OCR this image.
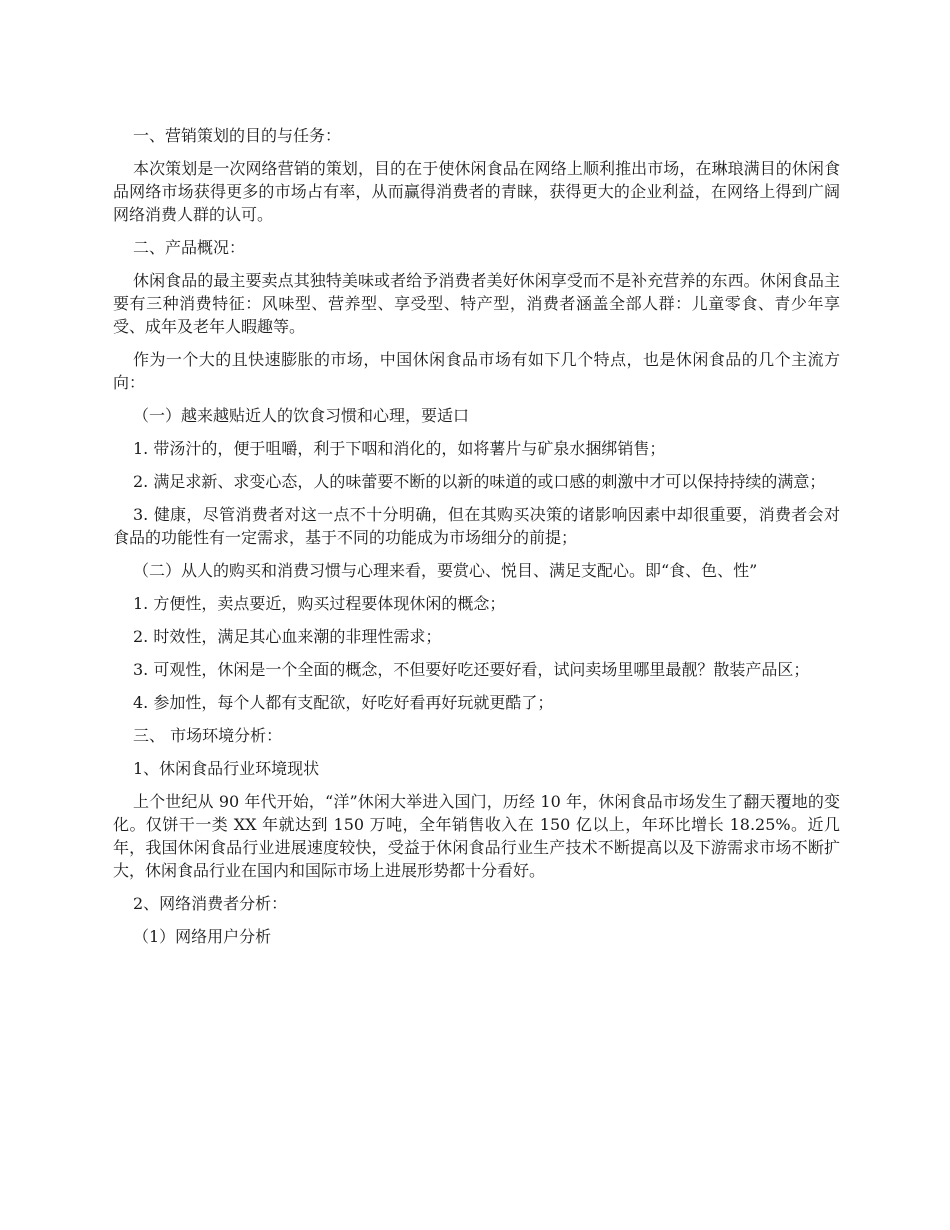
一、营销策划的目的与任务：

本次策划是一次网络营销的策划，目的在于使休闲食品在网络上顺利推出市场，在琳琅满目的休闲食品网络市场获得更多的市场占有率，从而赢得消费者的青睐，获得更大的企业利益，在网络上得到广阔网络消费人群的认可。

二、产品概况：

休闲食品的最主要卖点其独特美味或者给予消费者美好休闲享受而不是补充营养的东西。休闲食品主要有三种消费特征：风味型、营养型、享受型、特产型，消费者涵盖全部人群：儿童零食、青少年享受、成年及老年人暇趣等。

作为一个大的且快速膨胀的市场，中国休闲食品市场有如下几个特点，也是休闲食品的几个主流方向：

（一）越来越贴近人的饮食习惯和心理，要适口

1. 带汤汁的，便于咀嚼，利于下咽和消化的，如将薯片与矿泉水捆绑销售；

2. 满足求新、求变心态，人的味蕾要不断的以新的味道的或口感的刺激中才可以保持持续的满意；

3. 健康，尽管消费者对这一点不十分明确，但在其购买决策的诸影响因素中却很重要，消费者会对食品的功能性有一定需求，基于不同的功能成为市场细分的前提；

（二）从人的购买和消费习惯与心理来看，要赏心、悦目、满足支配心。即“食、色、性”

1. 方便性，卖点要近，购买过程要体现休闲的概念；

2. 时效性，满足其心血来潮的非理性需求；

3. 可观性，休闲是一个全面的概念，不但要好吃还要好看，试问卖场里哪里最靓？散装产品区；

4. 参加性，每个人都有支配欲，好吃好看再好玩就更酷了；

三、 市场环境分析：

1、休闲食品行业环境现状

上个世纪从 90 年代开始，“洋”休闲大举进入国门，历经 10 年，休闲食品市场发生了翻天覆地的变化。仅饼干一类 XX 年就达到 150 万吨，全年销售收入在 150 亿以上，年环比增长 18.25%。近几年，我国休闲食品行业进展速度较快，受益于休闲食品行业生产技术不断提高以及下游需求市场不断扩大，休闲食品行业在国内和国际市场上进展形势都十分看好。

2、网络消费者分析：

（1）网络用户分析
